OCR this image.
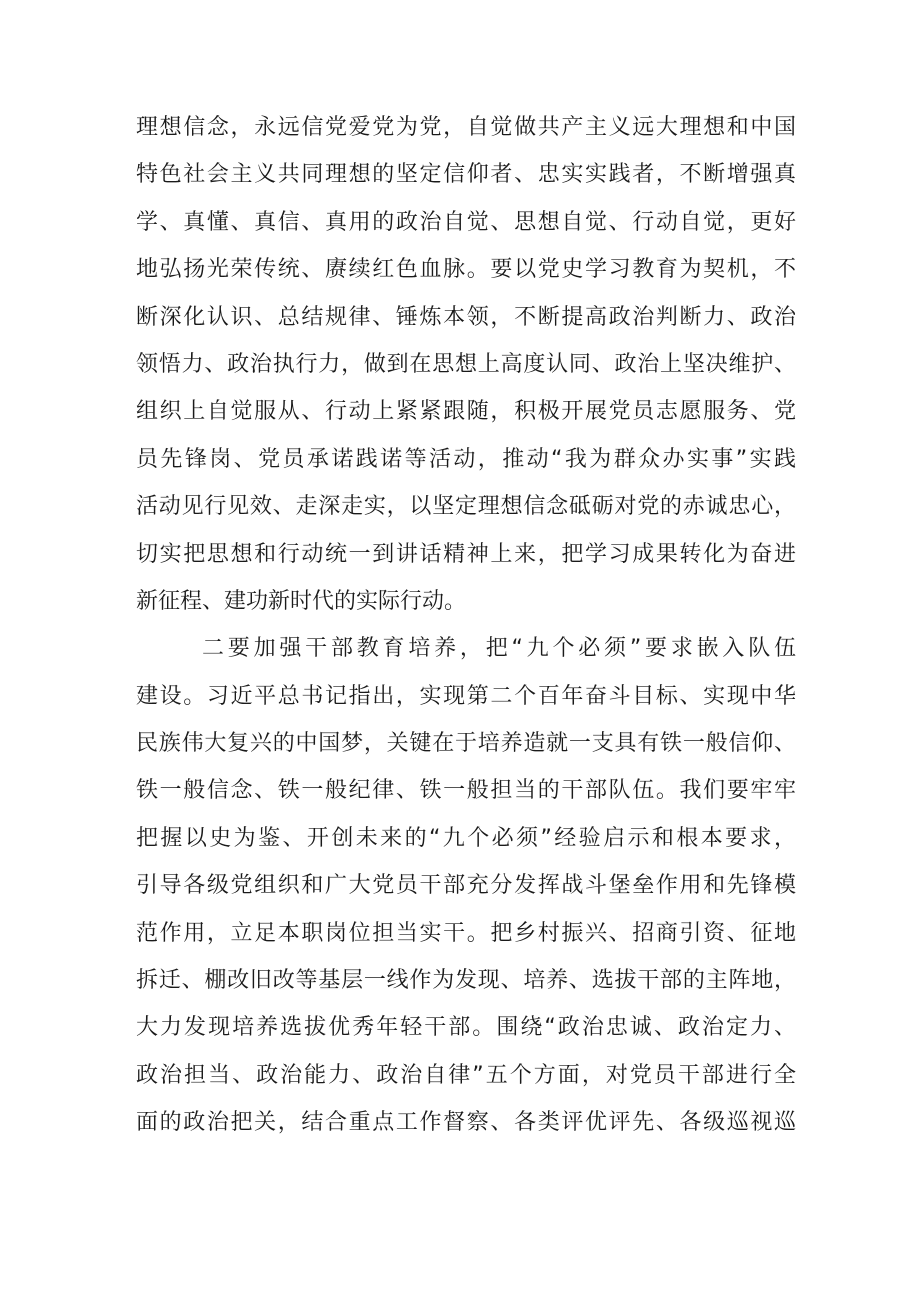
理想信念，永远信党爱党为党，自觉做共产主义远大理想和中国
特色社会主义共同理想的坚定信仰者、忠实实践者，不断增强真
学、真懂、真信、真用的政治自觉、思想自觉、行动自觉，更好
地弘扬光荣传统、赓续红色血脉。要以党史学习教育为契机，不
断深化认识、总结规律、锤炼本领，不断提高政治判断力、政治
领悟力、政治执行力，做到在思想上高度认同、政治上坚决维护、
组织上自觉服从、行动上紧紧跟随，积极开展党员志愿服务、党
员先锋岗、党员承诺践诺等活动，推动“我为群众办实事”实践
活动见行见效、走深走实，以坚定理想信念砥砺对党的赤诚忠心，
切实把思想和行动统一到讲话精神上来，把学习成果转化为奋进
新征程、建功新时代的实际行动。
二要加强干部教育培养，把“九个必须”要求嵌入队伍
建设。习近平总书记指出，实现第二个百年奋斗目标、实现中华
民族伟大复兴的中国梦，关键在于培养造就一支具有铁一般信仰、
铁一般信念、铁一般纪律、铁一般担当的干部队伍。我们要牢牢
把握以史为鉴、开创未来的“九个必须”经验启示和根本要求，
引导各级党组织和广大党员干部充分发挥战斗堡垒作用和先锋模
范作用，立足本职岗位担当实干。把乡村振兴、招商引资、征地
拆迁、棚改旧改等基层一线作为发现、培养、选拔干部的主阵地，
大力发现培养选拔优秀年轻干部。围绕“政治忠诚、政治定力、
政治担当、政治能力、政治自律”五个方面，对党员干部进行全
面的政治把关，结合重点工作督察、各类评优评先、各级巡视巡
